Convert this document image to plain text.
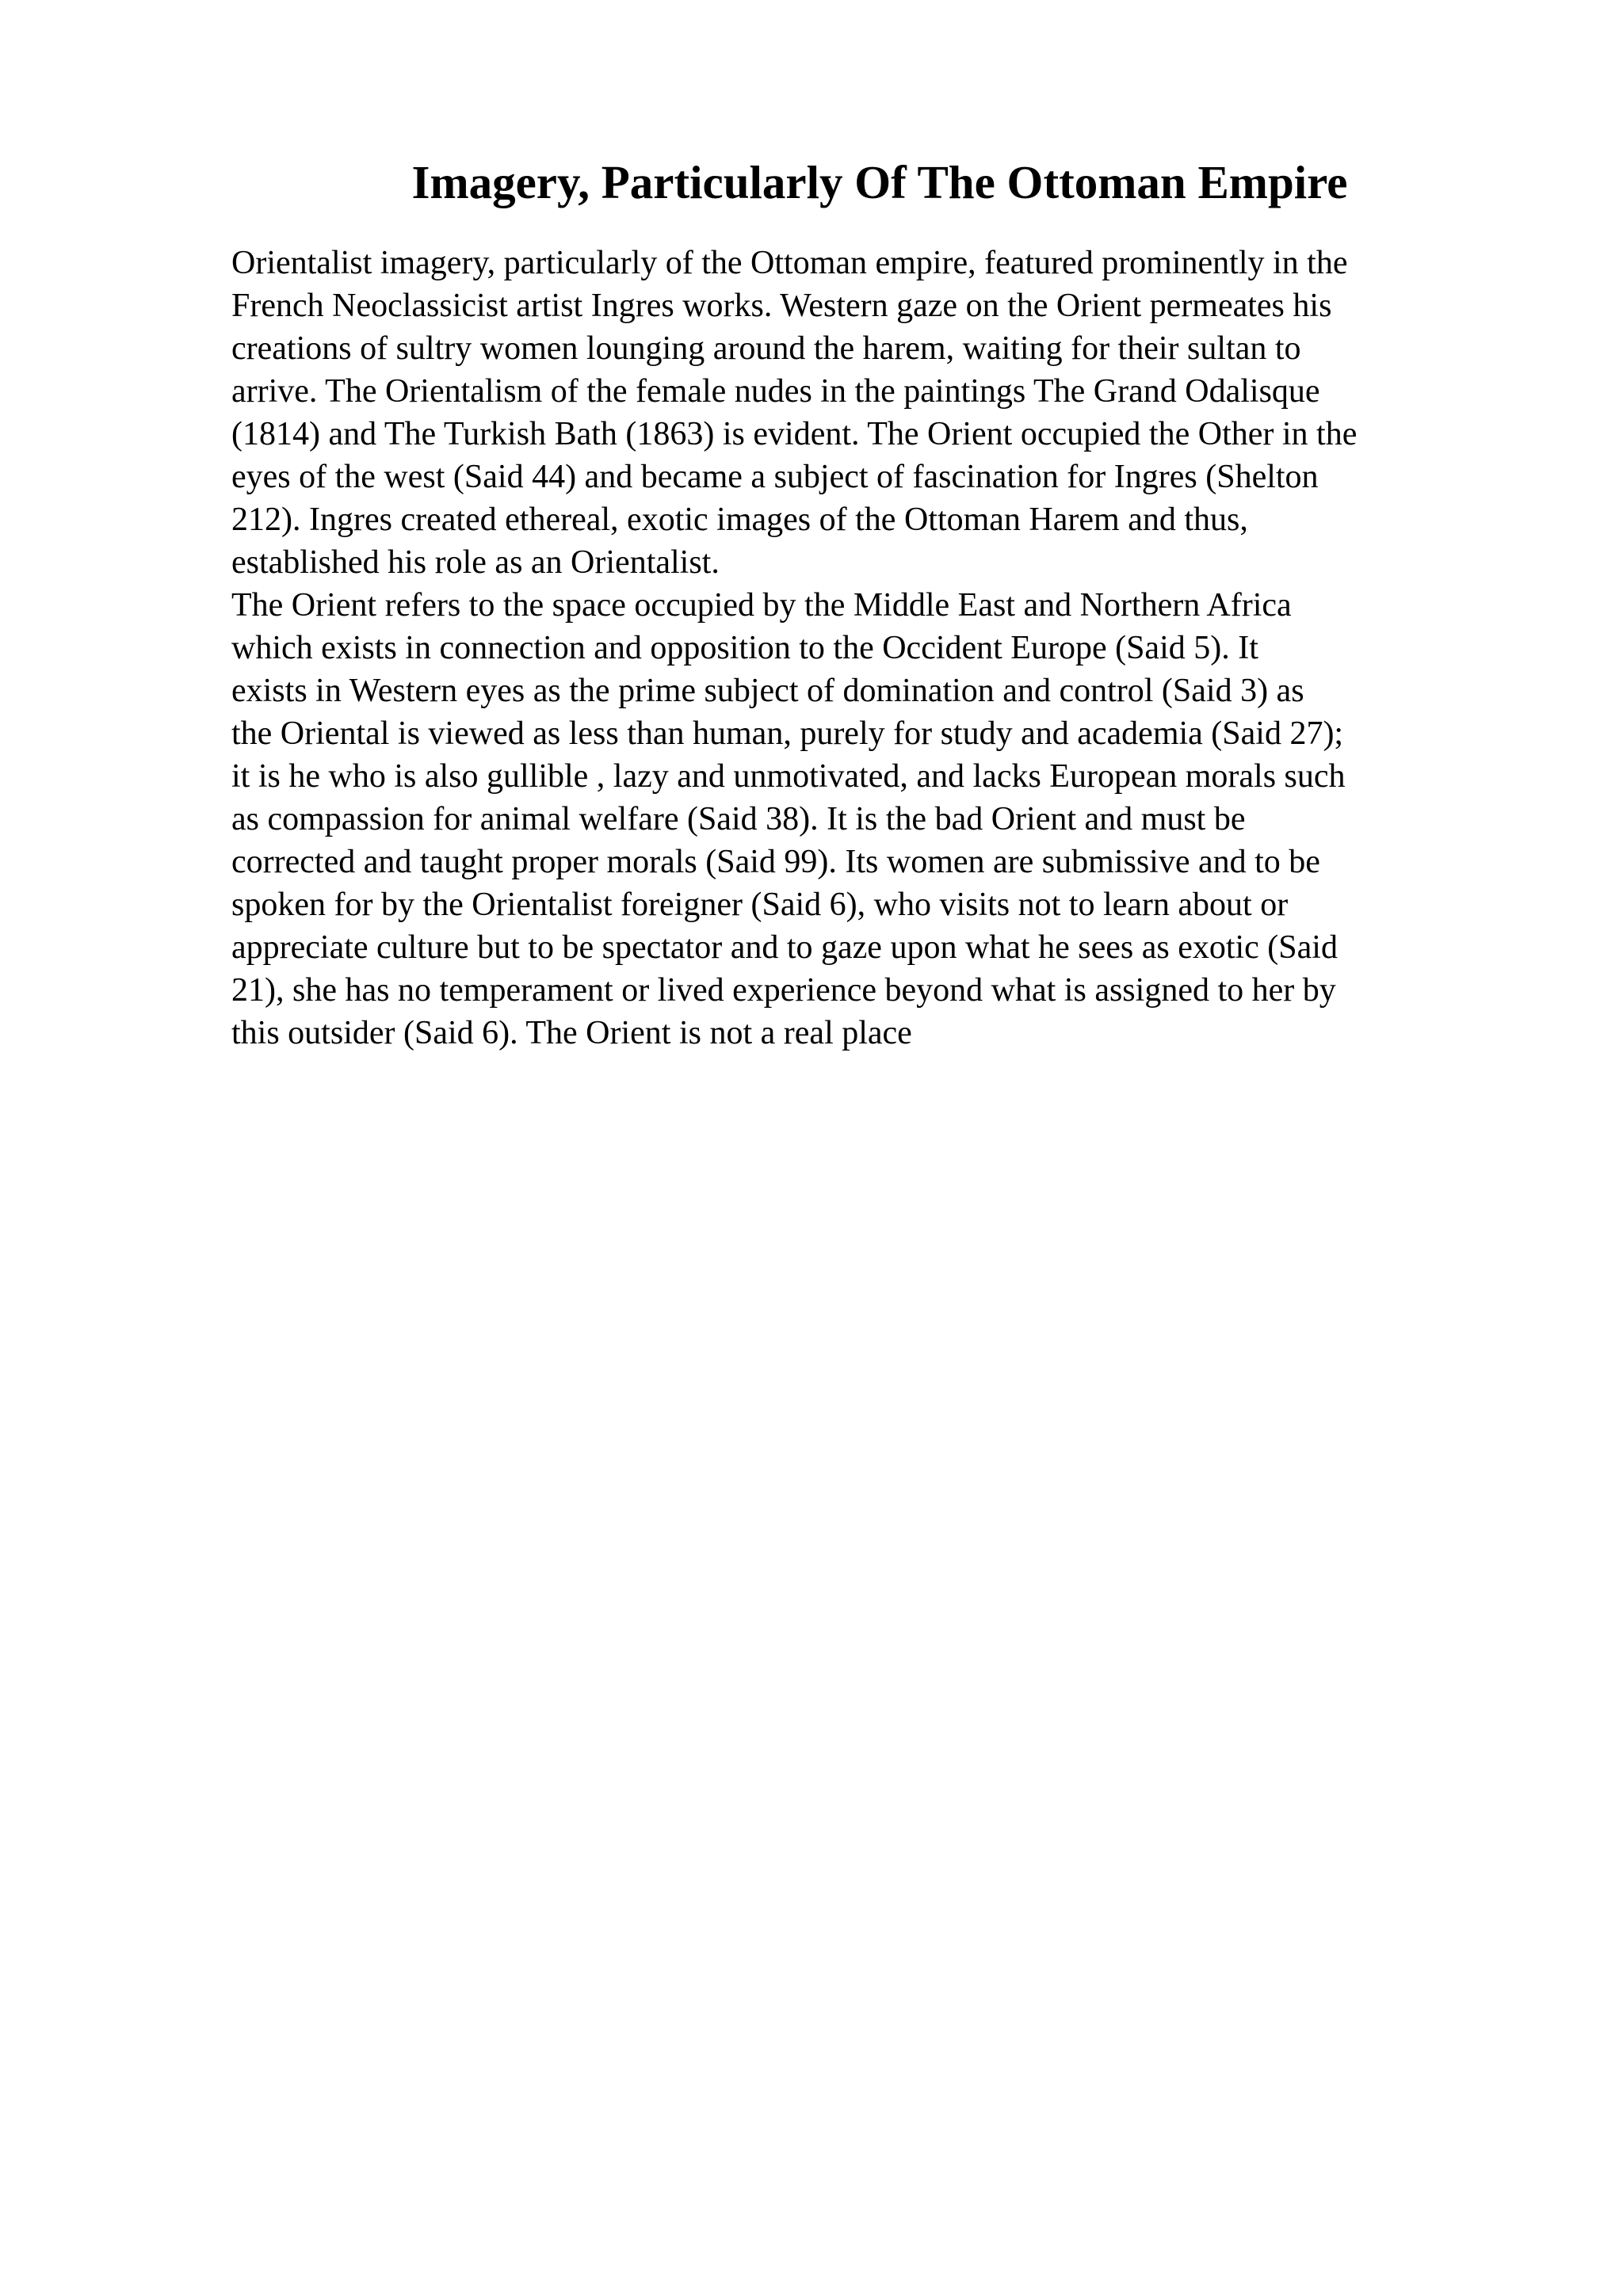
Imagery, Particularly Of The Ottoman Empire
Orientalist imagery, particularly of the Ottoman empire, featured prominently in the
French Neoclassicist artist Ingres works. Western gaze on the Orient permeates his
creations of sultry women lounging around the harem, waiting for their sultan to
arrive. The Orientalism of the female nudes in the paintings The Grand Odalisque
(1814) and The Turkish Bath (1863) is evident. The Orient occupied the Other in the
eyes of the west (Said 44) and became a subject of fascination for Ingres (Shelton
212). Ingres created ethereal, exotic images of the Ottoman Harem and thus,
established his role as an Orientalist.
The Orient refers to the space occupied by the Middle East and Northern Africa
which exists in connection and opposition to the Occident Europe (Said 5). It
exists in Western eyes as the prime subject of domination and control (Said 3) as
the Oriental is viewed as less than human, purely for study and academia (Said 27);
it is he who is also gullible , lazy and unmotivated, and lacks European morals such
as compassion for animal welfare (Said 38). It is the bad Orient and must be
corrected and taught proper morals (Said 99). Its women are submissive and to be
spoken for by the Orientalist foreigner (Said 6), who visits not to learn about or
appreciate culture but to be spectator and to gaze upon what he sees as exotic (Said
21), she has no temperament or lived experience beyond what is assigned to her by
this outsider (Said 6). The Orient is not a real place
